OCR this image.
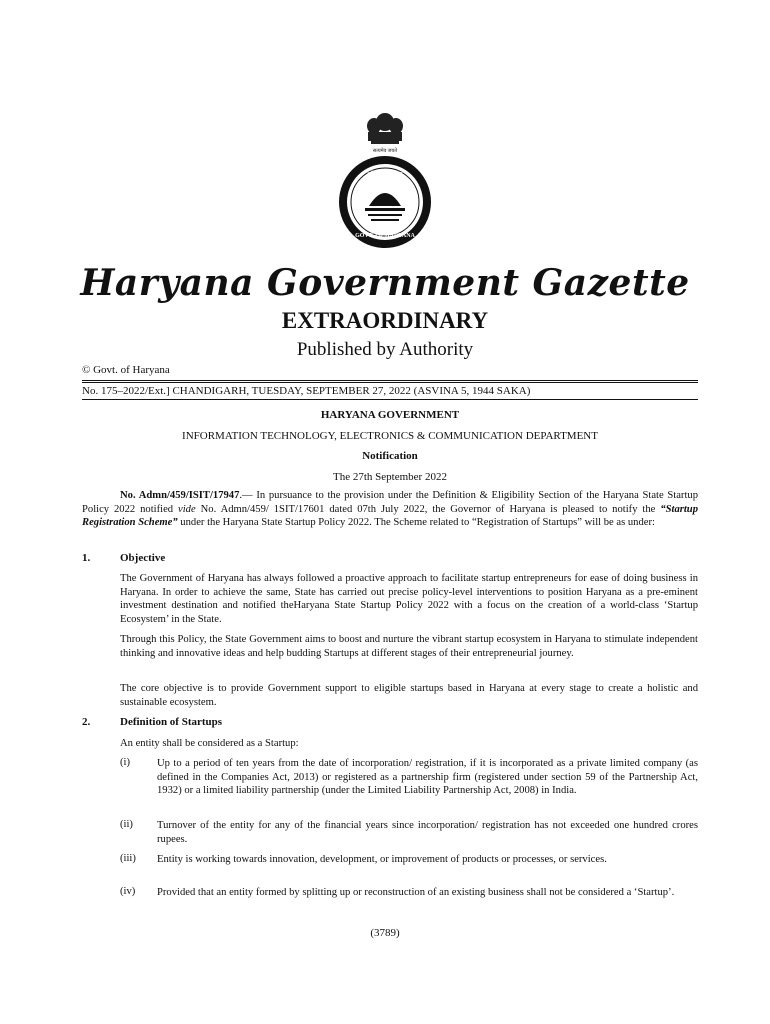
सत्यमेव जयते
हरियाणा सरकार
GOVT. OF HARYANA
Haryana Government Gazette
EXTRAORDINARY
Published by Authority
© Govt. of Haryana
No. 175–2022/Ext.] CHANDIGARH, TUESDAY, SEPTEMBER 27, 2022 (ASVINA 5, 1944 SAKA)
HARYANA GOVERNMENT
INFORMATION TECHNOLOGY, ELECTRONICS & COMMUNICATION DEPARTMENT
Notification
The 27th September 2022

No. Admn/459/ISIT/17947.— In pursuance to the provision under the Definition & Eligibility Section of the Haryana State Startup Policy 2022 notified vide No. Admn/459/ 1SIT/17601 dated 07th July 2022, the Governor of Haryana is pleased to notify the “Startup Registration Scheme” under the Haryana State Startup Policy 2022. The Scheme related to “Registration of Startups” will be as under:

1.	Objective

The Government of Haryana has always followed a proactive approach to facilitate startup entrepreneurs for ease of doing business in Haryana. In order to achieve the same, State has carried out precise policy-level interventions to position Haryana as a pre-eminent investment destination and notified theHaryana State Startup Policy 2022 with a focus on the creation of a world-class ‘Startup Ecosystem’ in the State.

Through this Policy, the State Government aims to boost and nurture the vibrant startup ecosystem in Haryana to stimulate independent thinking and innovative ideas and help budding Startups at different stages of their entrepreneurial journey.

The core objective is to provide Government support to eligible startups based in Haryana at every stage to create a holistic and sustainable ecosystem.

2.	Definition of Startups

An entity shall be considered as a Startup:

(i)	Up to a period of ten years from the date of incorporation/ registration, if it is incorporated as a private limited company (as defined in the Companies Act, 2013) or registered as a partnership firm (registered under section 59 of the Partnership Act, 1932) or a limited liability partnership (under the Limited Liability Partnership Act, 2008) in India.

(ii) Turnover of the entity for any of the financial years since incorporation/ registration has not exceeded one hundred crores rupees.

(iii) Entity is working towards innovation, development, or improvement of products or processes, or services.

(iv) Provided that an entity formed by splitting up or reconstruction of an existing business shall not be considered a ‘Startup’.

(3789)
